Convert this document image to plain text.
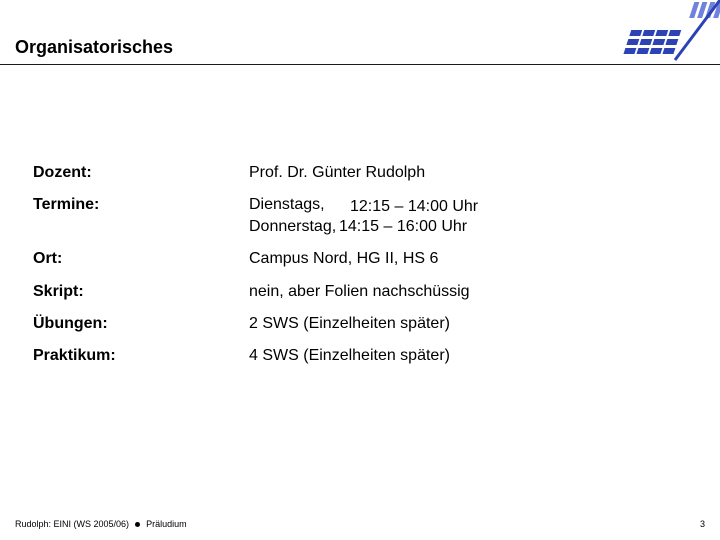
Organisatorisches
Dozent:	Prof. Dr. Günter Rudolph
Termine:	Dienstags, 12:15 – 14:00 Uhr
Donnerstag, 14:15 – 16:00 Uhr
Ort:	Campus Nord, HG II, HS 6
Skript:	nein, aber Folien nachschüssig
Übungen:	2 SWS (Einzelheiten später)
Praktikum:	4 SWS (Einzelheiten später)
Rudolph: EINI (WS 2005/06) Präludium	3
